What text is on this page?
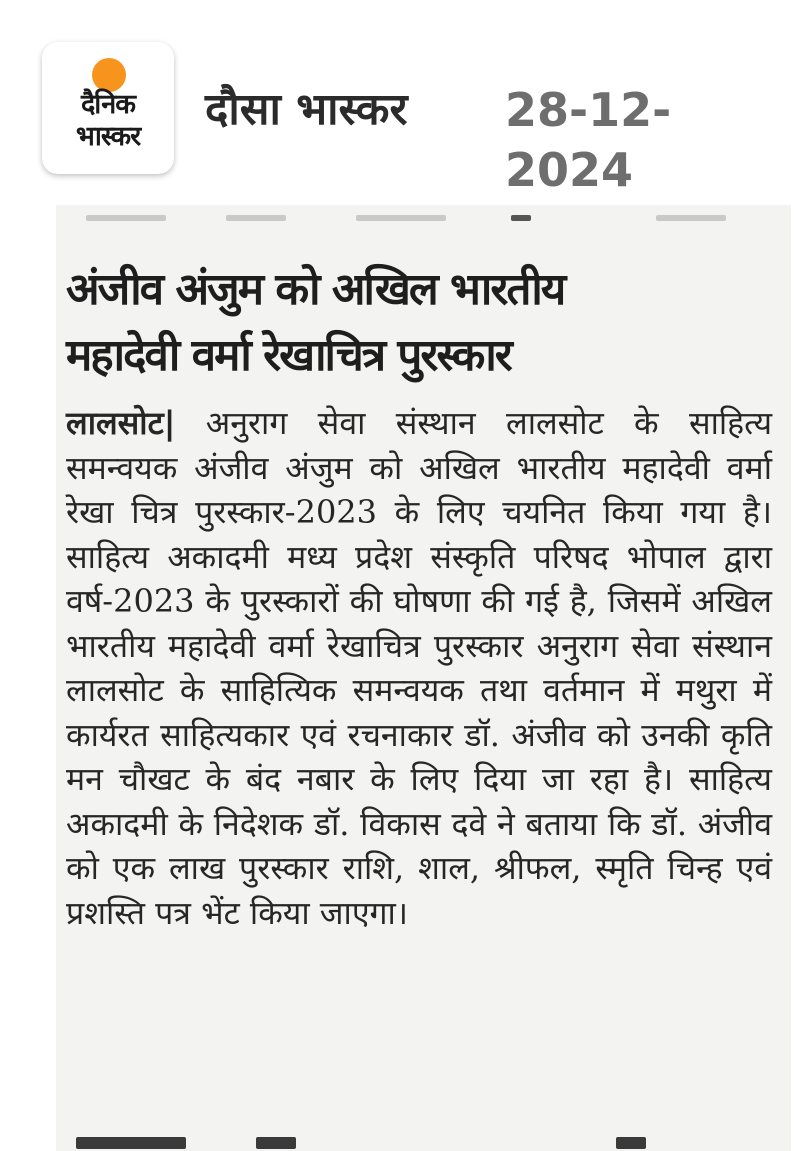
दैनिक
भास्कर
दौसा भास्कर 28-12-2024
अंजीव अंजुम को अखिल भारतीय
महादेवी वर्मा रेखाचित्र पुरस्कार
लालसोट| अनुराग सेवा संस्थान लालसोट के साहित्य समन्वयक अंजीव अंजुम को अखिल भारतीय महादेवी वर्मा रेखा चित्र पुरस्कार-2023 के लिए चयनित किया गया है। साहित्य अकादमी मध्य प्रदेश संस्कृति परिषद भोपाल द्वारा वर्ष-2023 के पुरस्कारों की घोषणा की गई है, जिसमें अखिल भारतीय महादेवी वर्मा रेखाचित्र पुरस्कार अनुराग सेवा संस्थान लालसोट के साहित्यिक समन्वयक तथा वर्तमान में मथुरा में कार्यरत साहित्यकार एवं रचनाकार डॉ. अंजीव को उनकी कृति मन चौखट के बंद नबार के लिए दिया जा रहा है। साहित्य अकादमी के निदेशक डॉ. विकास दवे ने बताया कि डॉ. अंजीव को एक लाख पुरस्कार राशि, शाल, श्रीफल, स्मृति चिन्ह एवं प्रशस्ति पत्र भेंट किया जाएगा।
